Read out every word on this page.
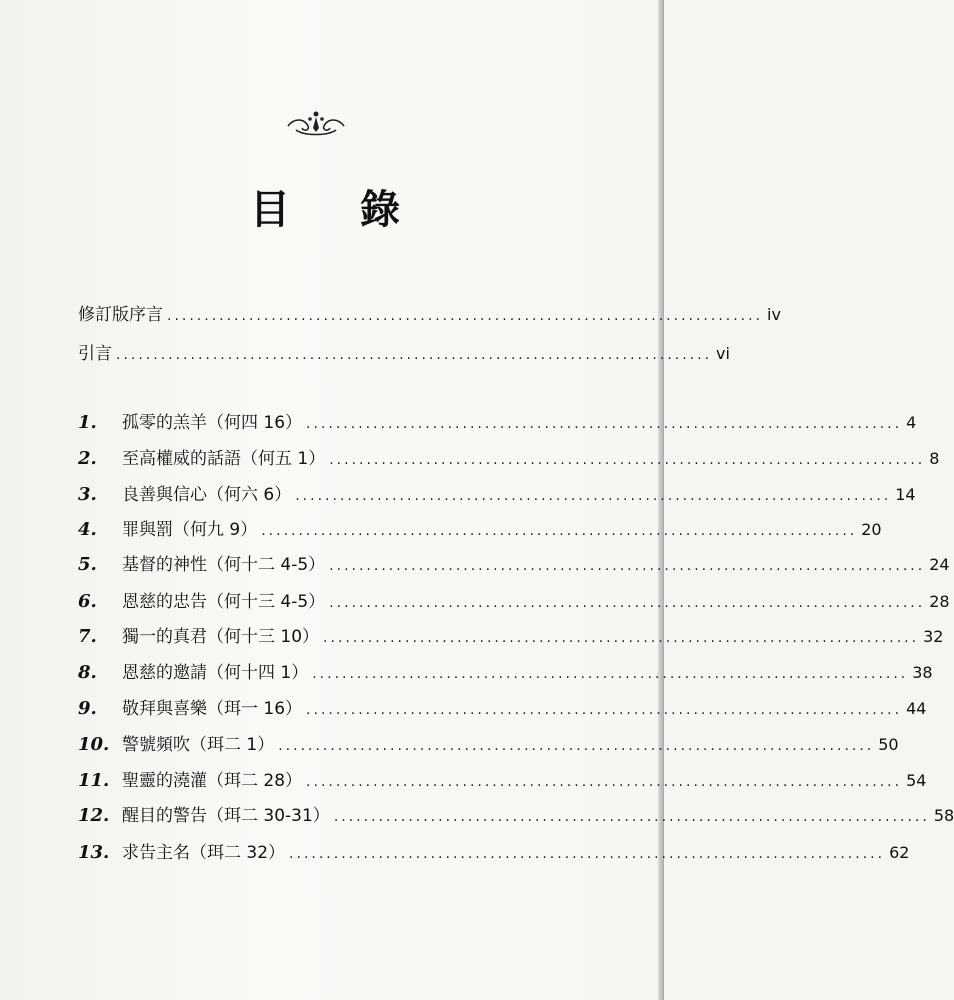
目 錄
修訂版序言 ................................................................................ iv
引言 ................................................................................ vi
1.	孤零的羔羊（何四 16） ................................................................................ 4
2.	至高權威的話語（何五 1） ................................................................................ 8
3.	良善與信心（何六 6） ................................................................................ 14
4.	罪與罰（何九 9） ................................................................................ 20
5.	基督的神性（何十二 4-5） ................................................................................ 24
6.	恩慈的忠告（何十三 4-5） ................................................................................ 28
7.	獨一的真君（何十三 10） ................................................................................ 32
8.	恩慈的邀請（何十四 1） ................................................................................ 38
9.	敬拜與喜樂（珥一 16） ................................................................................ 44
10. 警號頻吹（珥二 1） ................................................................................ 50
11. 聖靈的澆灌（珥二 28） ................................................................................ 54
12. 醒目的警告（珥二 30-31） ................................................................................ 58
13. 求告主名（珥二 32） ................................................................................ 62
